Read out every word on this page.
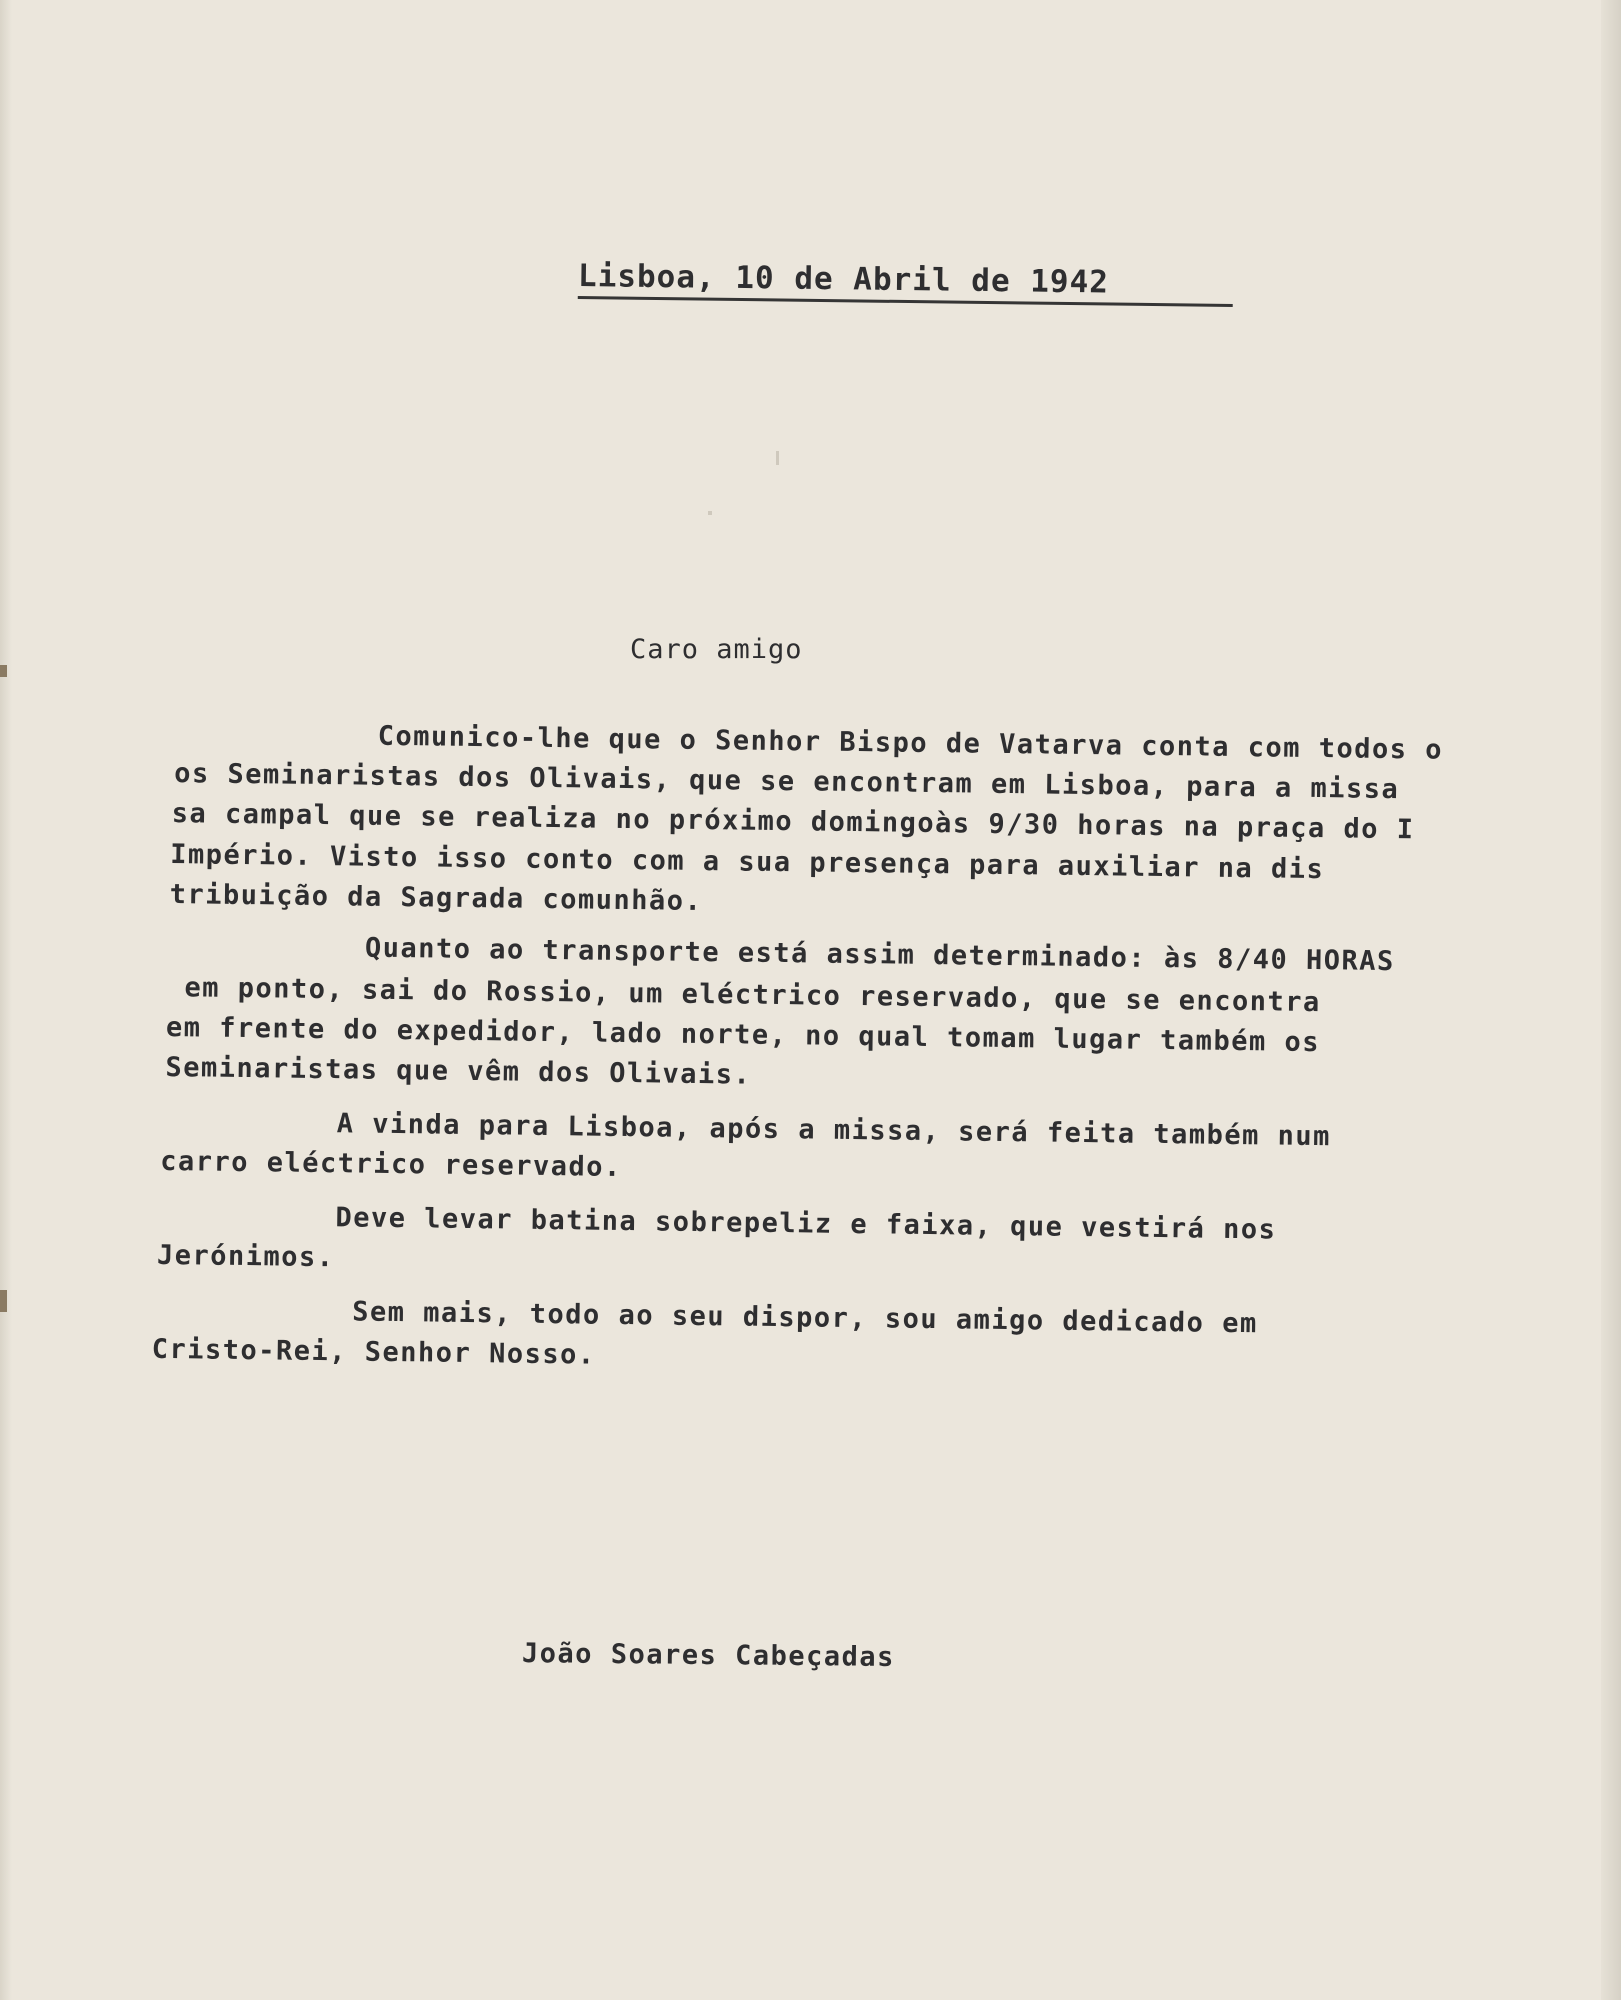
Lisboa, 10 de Abril de 1942
Caro amigo
Comunico-lhe que o Senhor Bispo de Vatarva conta com todos o
os Seminaristas dos Olivais, que se encontram em Lisboa, para a missa
sa campal que se realiza no próximo domingoàs 9/30 horas na praça do I
Império. Visto isso conto com a sua presença para auxiliar na dis
tribuição da Sagrada comunhão.
Quanto ao transporte está assim determinado: às 8/40 HORAS
em ponto, sai do Rossio, um eléctrico reservado, que se encontra
em frente do expedidor, lado norte, no qual tomam lugar também os
Seminaristas que vêm dos Olivais.
A vinda para Lisboa, após a missa, será feita também num
carro eléctrico reservado.
Deve levar batina sobrepeliz e faixa, que vestirá nos
Jerónimos.
Sem mais, todo ao seu dispor, sou amigo dedicado em
Cristo-Rei, Senhor Nosso.
João Soares Cabeçadas
